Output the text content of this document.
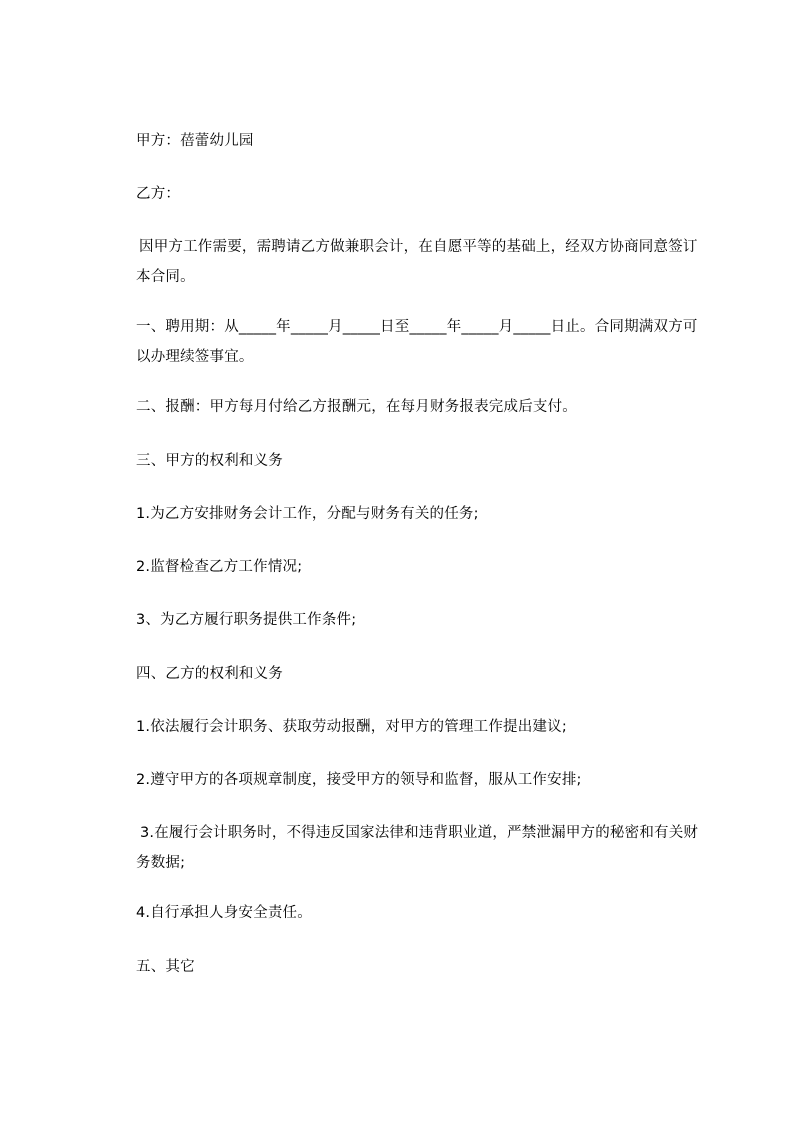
甲方：蓓蕾幼儿园
乙方：
因甲方工作需要，需聘请乙方做兼职会计，在自愿平等的基础上，经双方协商同意签订本合同。
一、聘用期：从_____年_____月_____日至_____年_____月_____日止。合同期满双方可以办理续签事宜。
二、报酬：甲方每月付给乙方报酬元，在每月财务报表完成后支付。
三、甲方的权利和义务
1.为乙方安排财务会计工作，分配与财务有关的任务;
2.监督检查乙方工作情况;
3、为乙方履行职务提供工作条件;
四、乙方的权利和义务
1.依法履行会计职务、获取劳动报酬，对甲方的管理工作提出建议;
2.遵守甲方的各项规章制度，接受甲方的领导和监督，服从工作安排;
3.在履行会计职务时，不得违反国家法律和违背职业道，严禁泄漏甲方的秘密和有关财务数据;
4.自行承担人身安全责任。
五、其它
